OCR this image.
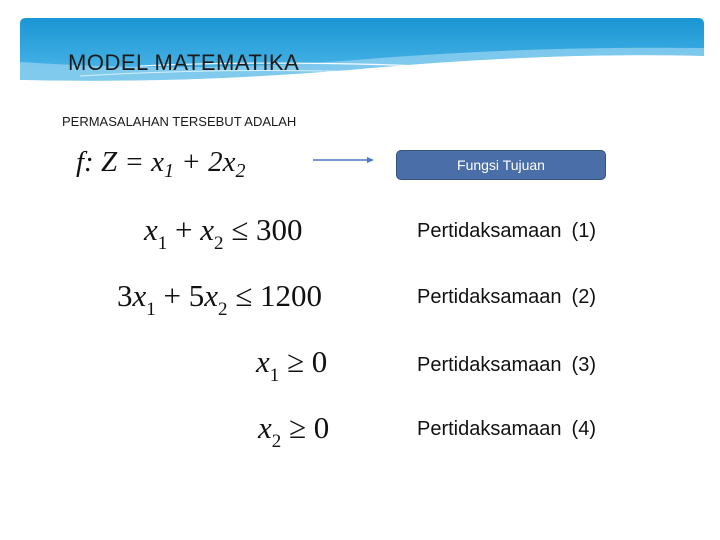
MODEL MATEMATIKA
PERMASALAHAN TERSEBUT ADALAH
f: $Z = x_1 + 2x_2$	Fungsi Tujuan
$x_1 + x_2 \le 300$	Pertidaksamaan (1)
$3x_1 + 5x_2 \le 1200$	Pertidaksamaan (2)
$x_1 \ge 0$	Pertidaksamaan (3)
$x_2 \ge 0$	Pertidaksamaan (4)
